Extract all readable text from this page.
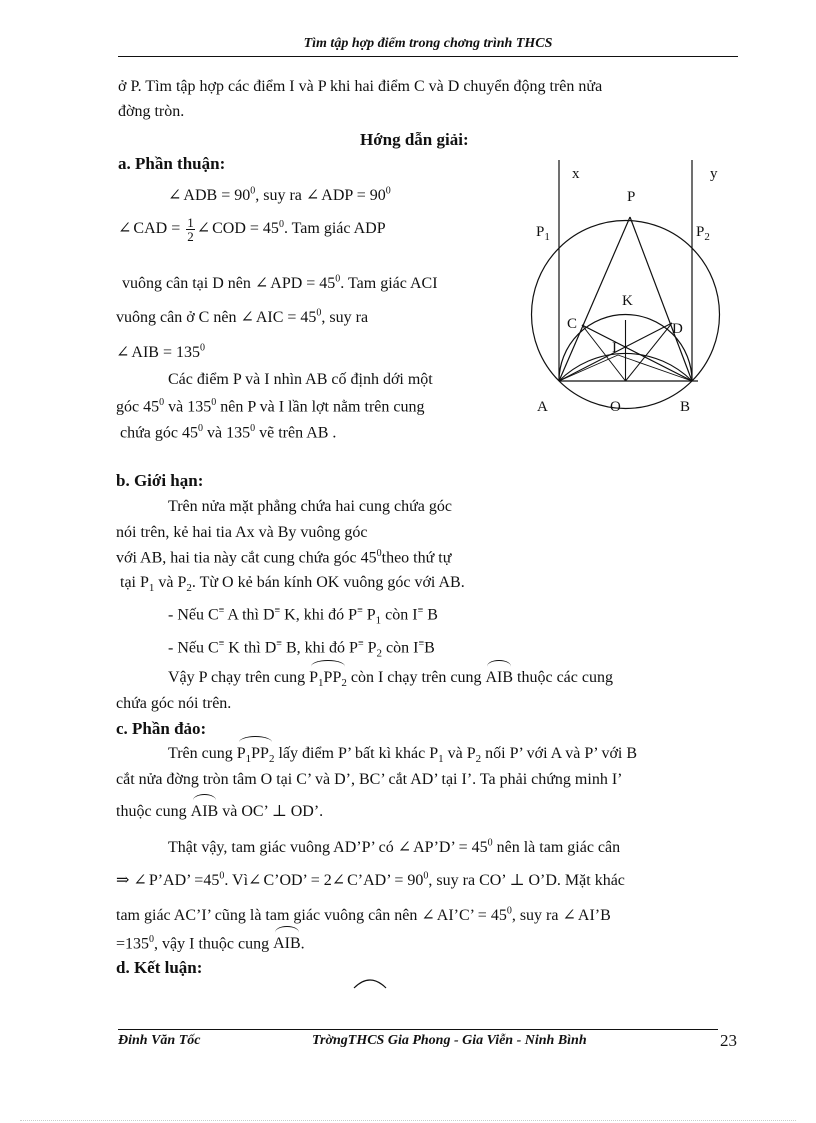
Tìm tập hợp điểm trong chơng trình THCS
ở P. Tìm tập hợp các điểm I và P khi hai điểm C và D chuyển động trên nửa
đờng tròn.
Hớng dẫn giải:
a. Phần thuận:
∠ ADB = $90^0$, suy ra ∠ ADP = $90^0$
∠ CAD = $\frac{1}{2}$ ∠ COD = $45^0$. Tam giác ADP
vuông cân tại D nên ∠ APD = $45^0$. Tam giác ACI
vuông cân ở C nên ∠ AIC = $45^0$, suy ra
∠ AIB = $135^0$
Các điểm P và I nhìn AB cố định dới một
góc $45^0$ và $135^0$ nên P và I lần lợt nằm trên cung
chứa góc $45^0$ và $135^0$ vẽ trên AB .
x	y
P
$P_1$	$P_2$
K
C	D
I
A	O	B
b. Giới hạn:
Trên nửa mặt phẳng chứa hai cung chứa góc
nói trên, kẻ hai tia Ax và By vuông góc
với AB, hai tia này cắt cung chứa góc $45^0theo$ thứ tự
tại $P_1$ và $P_2$. Từ O kẻ bán kính OK vuông góc với AB.
- Nếu C≡ A thì D≡ K, khi đó P≡ $P_1$ còn I≡ B
- Nếu C≡ K thì D≡ B, khi đó P≡ $P_2$ còn I≡B
Vậy P chạy trên cung $P_1PP_2$ còn I chạy trên cung AIB thuộc các cung
chứa góc nói trên.
c. Phần đảo:
Trên cung $P_1PP_2$ lấy điểm P’ bất kì khác $P_1$ và $P_2$ nối P’ với A và P’ với B
cắt nửa đờng tròn tâm O tại C’ và D’, BC’ cắt AD’ tại I’. Ta phải chứng minh I’
thuộc cung AIB và OC’ ⊥ OD’.
Thật vậy, tam giác vuông AD’P’ có ∠ AP’D’ = $45^0$ nên là tam giác cân
⇒ ∠ P’AD’ $=45^0$. Vì∠ C’OD’ = 2∠ C’AD’ = $90^0$, suy ra CO’ ⊥ O’D. Mặt khác
tam giác AC’I’ cũng là tam giác vuông cân nên ∠ AI’C’ = $45^0$, suy ra ∠ AI’B
$=135^0$, vậy I thuộc cung AIB.
d. Kết luận:
Đinh Văn Tốc	TrờngTHCS Gia Phong - Gia Viễn - Ninh Bình	23
